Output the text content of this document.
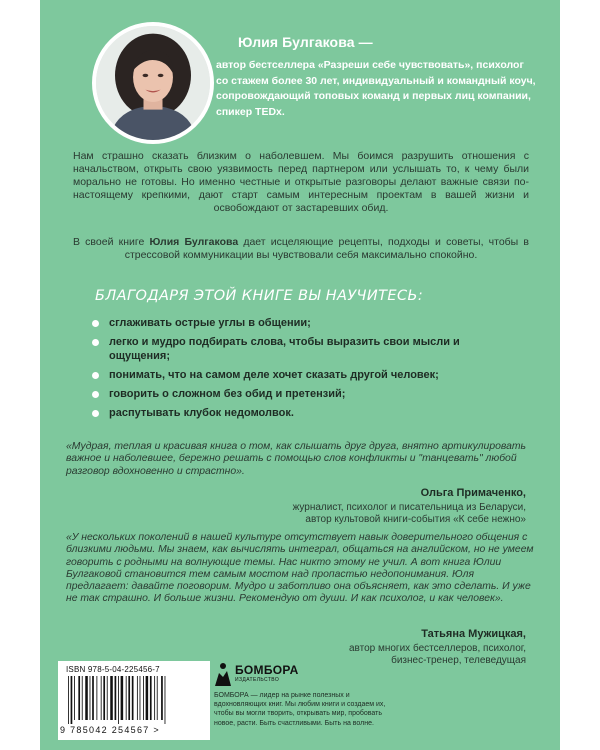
Юлия Булгакова —
автор бестселлера «Разреши себе чувствовать», психолог со стажем более 30 лет, индивидуальный и командный коуч, сопровождающий топовых команд и первых лиц компании, спикер TEDx.

Нам страшно сказать близким о наболевшем. Мы боимся разрушить отношения с начальством, открыть свою уязвимость перед партнером или услышать то, к чему были морально не готовы. Но именно честные и открытые разговоры делают важные связи по-настоящему крепкими, дают старт самым интересным проектам в вашей жизни и освобождают от застаревших обид.

В своей книге Юлия Булгакова дает исцеляющие рецепты, подходы и советы, чтобы в стрессовой коммуникации вы чувствовали себя максимально спокойно.

БЛАГОДАРЯ ЭТОЙ КНИГЕ ВЫ НАУЧИТЕСЬ:
сглаживать острые углы в общении;
легко и мудро подбирать слова, чтобы выразить свои мысли и ощущения;
понимать, что на самом деле хочет сказать другой человек;
говорить о сложном без обид и претензий;
распутывать клубок недомолвок.

«Мудрая, теплая и красивая книга о том, как слышать друг друга, внятно артикулировать важное и наболевшее, бережно решать с помощью слов конфликты и "танцевать" любой разговор вдохновенно и страстно».

Ольга Примаченко,
журналист, психолог и писательница из Беларуси,
автор культовой книги-события «К себе нежно»

«У нескольких поколений в нашей культуре отсутствует навык доверительного общения с близкими людьми. Мы знаем, как вычислять интеграл, общаться на английском, но не умеем говорить с родными на волнующие темы. Нас никто этому не учил. А вот книга Юлии Булгаковой становится тем самым мостом над пропастью недопонимания. Юля предлагает: давайте поговорим. Мудро и заботливо она объясняет, как это сделать. И уже не так страшно. И больше жизни. Рекомендую от души. И как психолог, и как человек».

Татьяна Мужицкая,
автор многих бестселлеров, психолог,
бизнес-тренер, телеведущая
ISBN 978-5-04-225456-7
9 785042 254567 >
БОМБОРА
ИЗДАТЕЛЬСТВО

БОМБОРА — лидер на рынке полезных и вдохновляющих книг. Мы любим книги и создаем их, чтобы вы могли творить, открывать мир, пробовать новое, расти. Быть счастливыми. Быть на волне.
